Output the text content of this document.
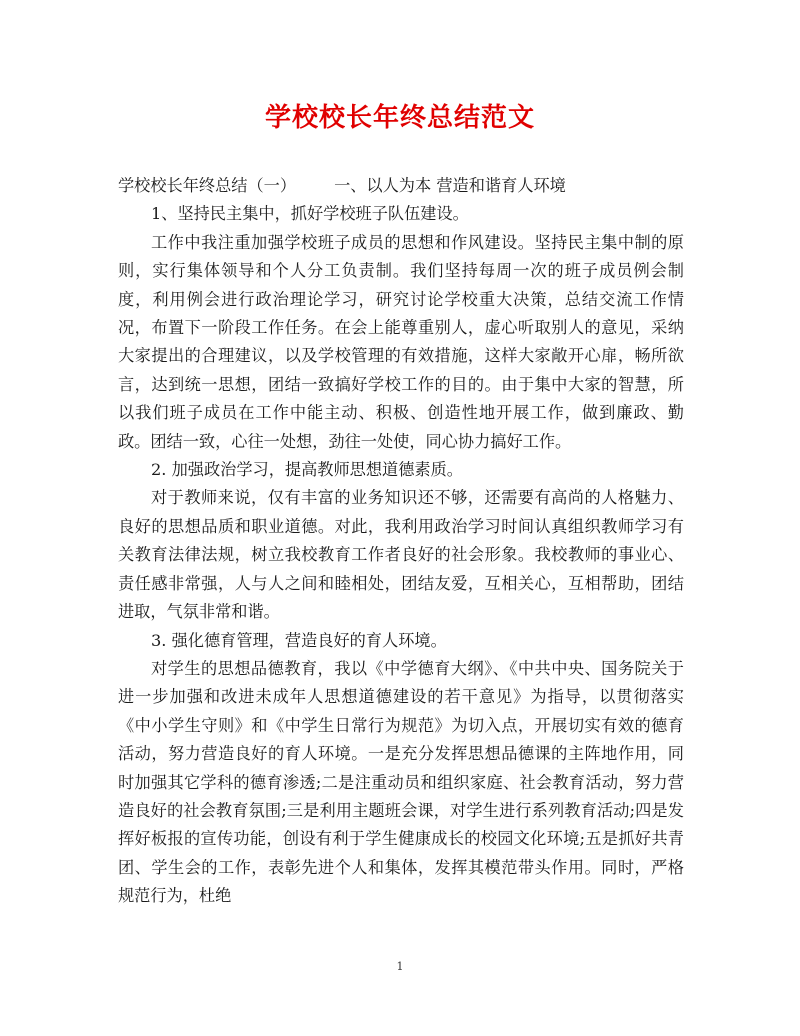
学校校长年终总结范文

学校校长年终总结（一） 一、以人为本 营造和谐育人环境

1、坚持民主集中，抓好学校班子队伍建设。

工作中我注重加强学校班子成员的思想和作风建设。坚持民主集中制的原则，实行集体领导和个人分工负责制。我们坚持每周一次的班子成员例会制度，利用例会进行政治理论学习，研究讨论学校重大决策，总结交流工作情况，布置下一阶段工作任务。在会上能尊重别人，虚心听取别人的意见，采纳大家提出的合理建议，以及学校管理的有效措施，这样大家敞开心扉，畅所欲言，达到统一思想，团结一致搞好学校工作的目的。由于集中大家的智慧，所以我们班子成员在工作中能主动、积极、创造性地开展工作，做到廉政、勤政。团结一致，心往一处想，劲往一处使，同心协力搞好工作。

2. 加强政治学习，提高教师思想道德素质。

对于教师来说，仅有丰富的业务知识还不够，还需要有高尚的人格魅力、良好的思想品质和职业道德。对此，我利用政治学习时间认真组织教师学习有关教育法律法规，树立我校教育工作者良好的社会形象。我校教师的事业心、责任感非常强，人与人之间和睦相处，团结友爱，互相关心，互相帮助，团结进取，气氛非常和谐。

3. 强化德育管理，营造良好的育人环境。

对学生的思想品德教育，我以《中学德育大纲》、《中共中央、国务院关于进一步加强和改进未成年人思想道德建设的若干意见》为指导，以贯彻落实《中小学生守则》和《中学生日常行为规范》为切入点，开展切实有效的德育活动，努力营造良好的育人环境。一是充分发挥思想品德课的主阵地作用，同时加强其它学科的德育渗透;二是注重动员和组织家庭、社会教育活动，努力营造良好的社会教育氛围;三是利用主题班会课，对学生进行系列教育活动;四是发挥好板报的宣传功能，创设有利于学生健康成长的校园文化环境;五是抓好共青团、学生会的工作，表彰先进个人和集体，发挥其模范带头作用。同时，严格规范行为，杜绝

1
